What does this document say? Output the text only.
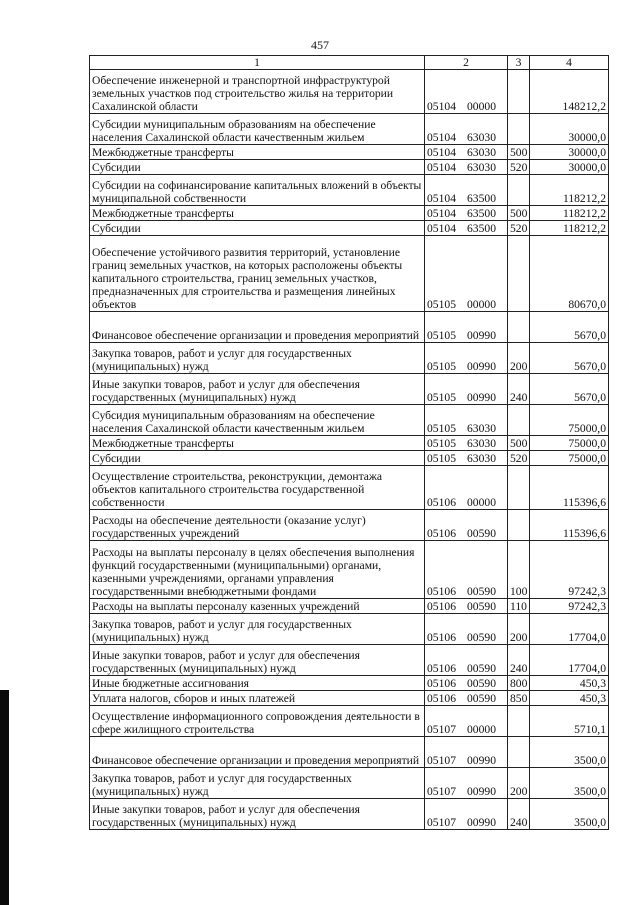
457
1	2	3	4
Обеспечение инженерной и транспортной инфраструктурой земельных участков под строительство жилья на территории Сахалинской области	05104 00000		148212,2
Субсидии муниципальным образованиям на обеспечение населения Сахалинской области качественным жильем	05104 63030		30000,0
Межбюджетные трансферты	05104 63030	500	30000,0
Субсидии	05104 63030	520	30000,0
Субсидии на софинансирование капитальных вложений в объекты муниципальной собственности	05104 63500		118212,2
Межбюджетные трансферты	05104 63500	500	118212,2
Субсидии	05104 63500	520	118212,2
Обеспечение устойчивого развития территорий, установление границ земельных участков, на которых расположены объекты капитального строительства, границ земельных участков, предназначенных для строительства и размещения линейных объектов	05105 00000		80670,0
Финансовое обеспечение организации и проведения мероприятий	05105 00990		5670,0
Закупка товаров, работ и услуг для государственных (муниципальных) нужд	05105 00990	200	5670,0
Иные закупки товаров, работ и услуг для обеспечения государственных (муниципальных) нужд	05105 00990	240	5670,0
Субсидия муниципальным образованиям на обеспечение населения Сахалинской области качественным жильем	05105 63030		75000,0
Межбюджетные трансферты	05105 63030	500	75000,0
Субсидии	05105 63030	520	75000,0
Осуществление строительства, реконструкции, демонтажа объектов капитального строительства государственной собственности	05106 00000		115396,6
Расходы на обеспечение деятельности (оказание услуг) государственных учреждений	05106 00590		115396,6
Расходы на выплаты персоналу в целях обеспечения выполнения функций государственными (муниципальными) органами, казенными учреждениями, органами управления государственными внебюджетными фондами	05106 00590	100	97242,3
Расходы на выплаты персоналу казенных учреждений	05106 00590	110	97242,3
Закупка товаров, работ и услуг для государственных (муниципальных) нужд	05106 00590	200	17704,0
Иные закупки товаров, работ и услуг для обеспечения государственных (муниципальных) нужд	05106 00590	240	17704,0
Иные бюджетные ассигнования	05106 00590	800	450,3
Уплата налогов, сборов и иных платежей	05106 00590	850	450,3
Осуществление информационного сопровождения деятельности в сфере жилищного строительства	05107 00000		5710,1
Финансовое обеспечение организации и проведения мероприятий	05107 00990		3500,0
Закупка товаров, работ и услуг для государственных (муниципальных) нужд	05107 00990	200	3500,0
Иные закупки товаров, работ и услуг для обеспечения государственных (муниципальных) нужд	05107 00990	240	3500,0
